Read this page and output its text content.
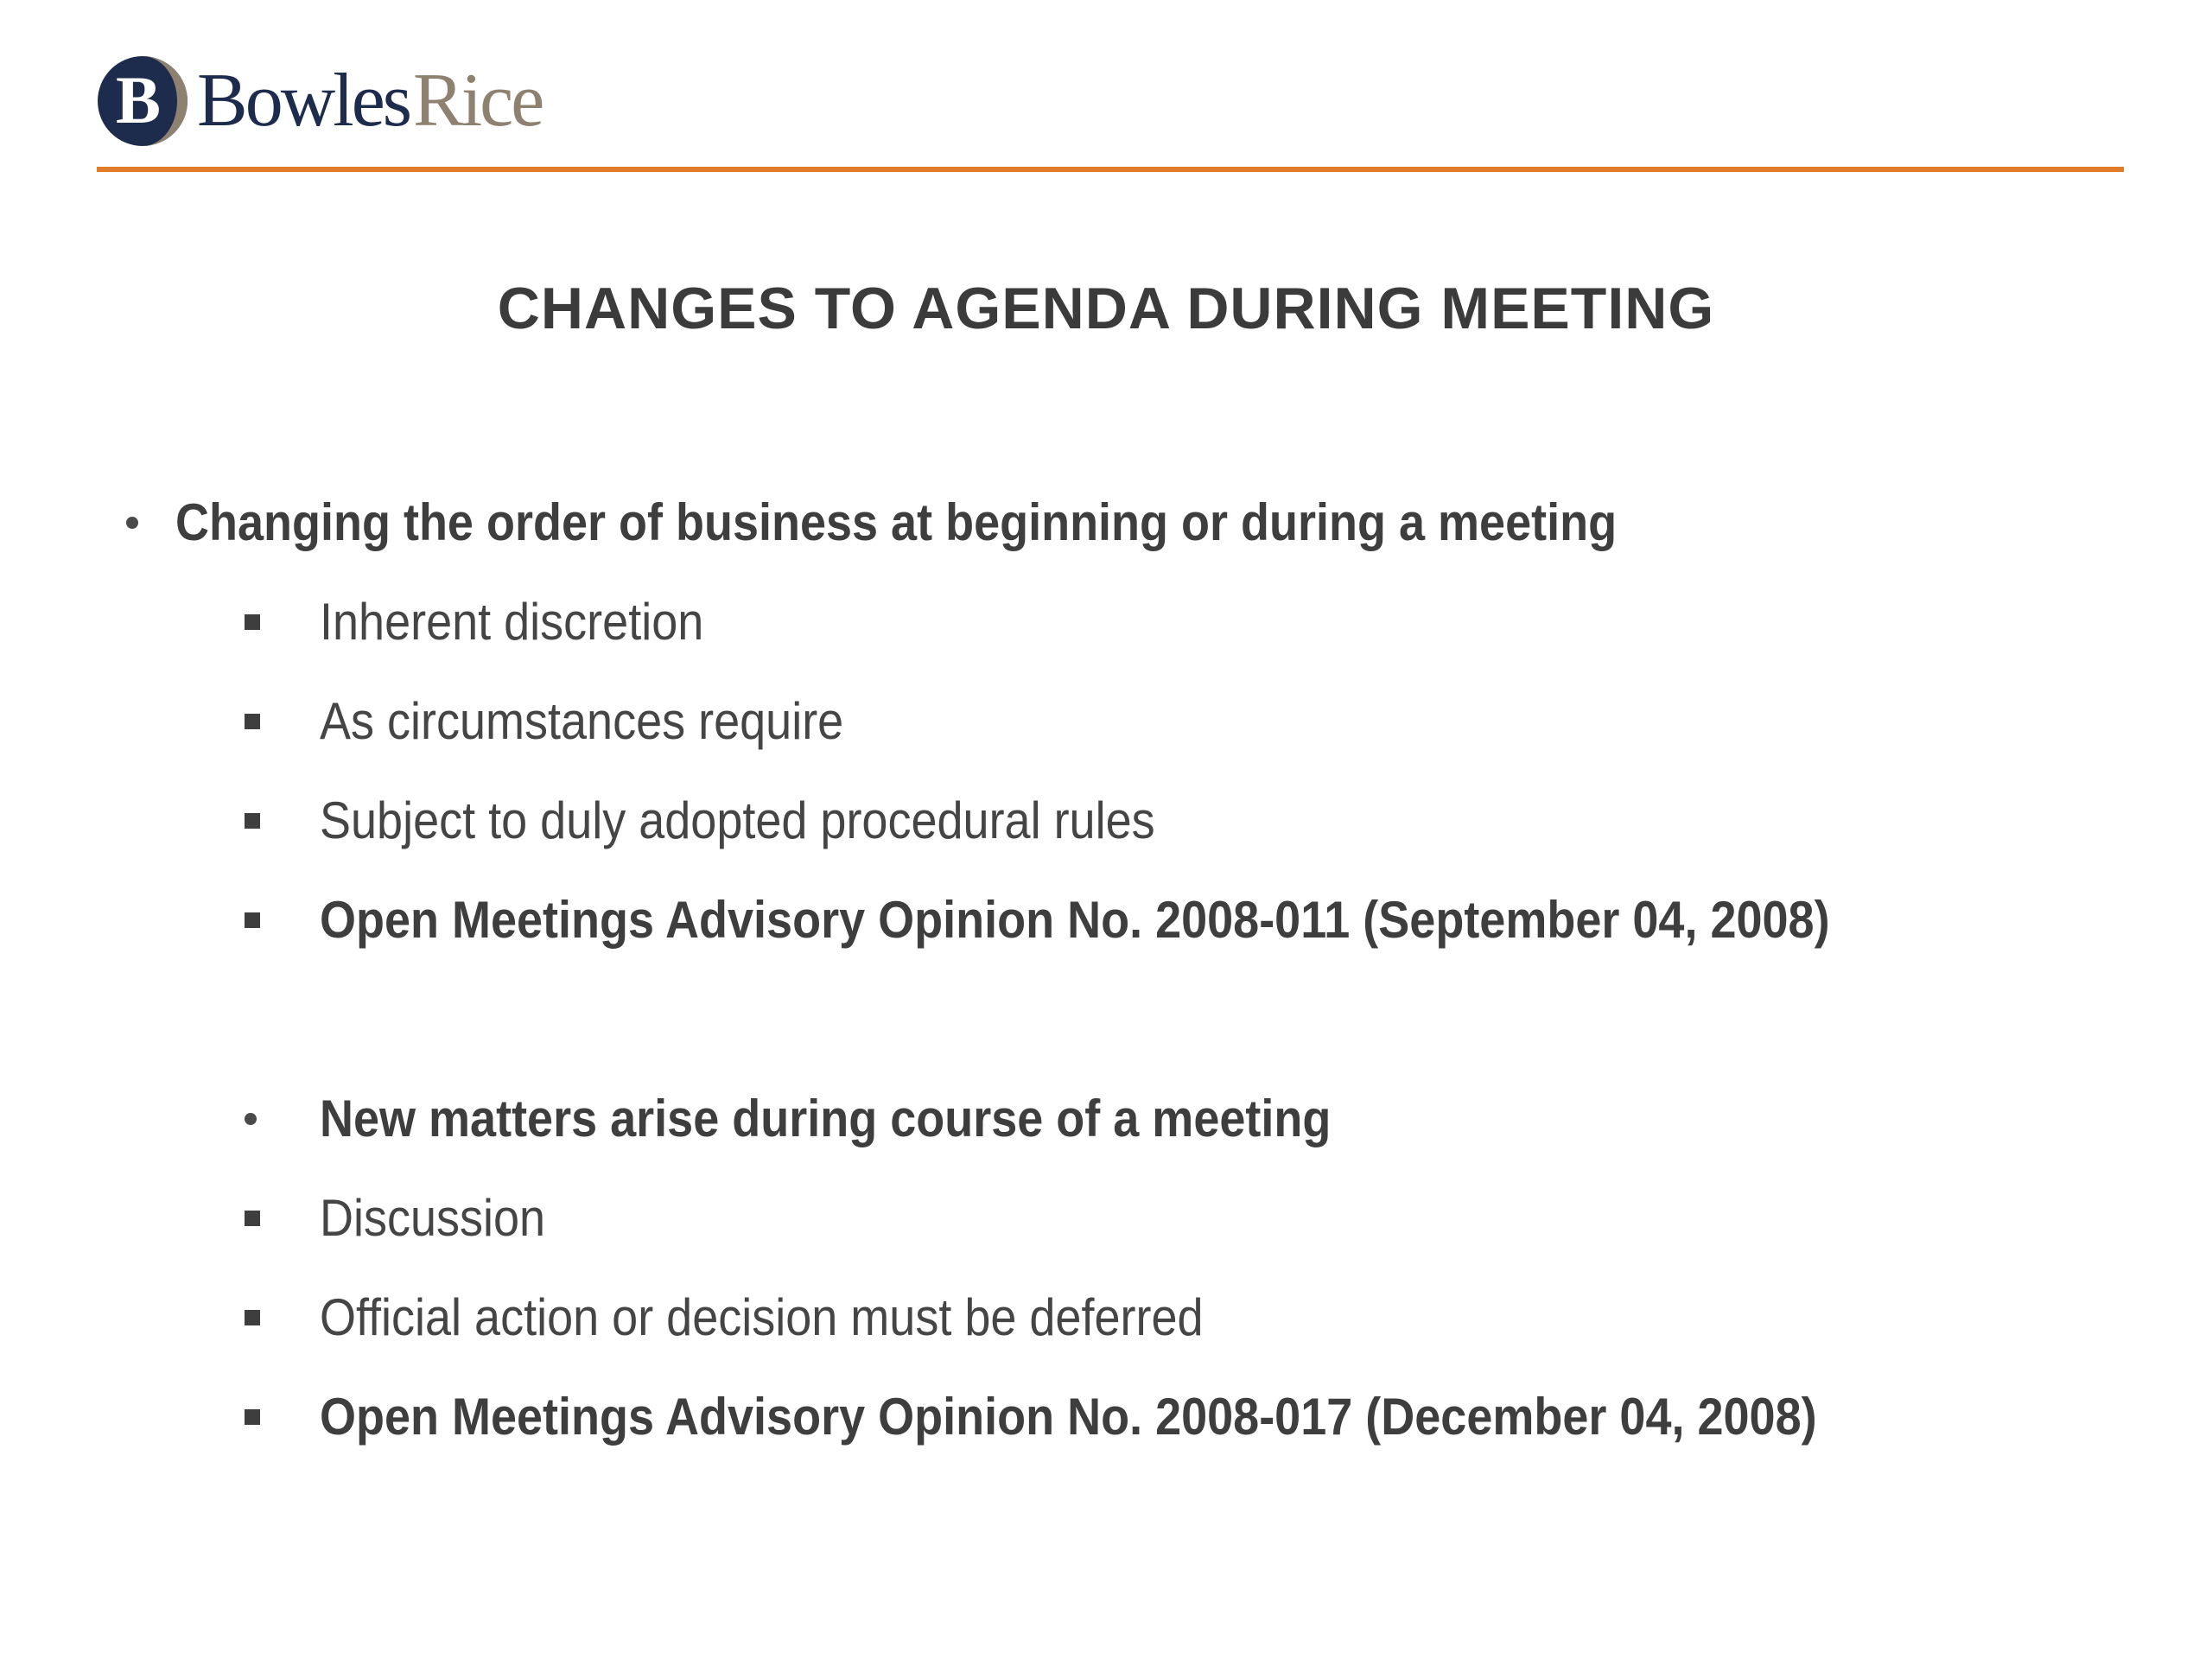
B BowlesRice
CHANGES TO AGENDA DURING MEETING
Changing the order of business at beginning or during a meeting
Inherent discretion
As circumstances require
Subject to duly adopted procedural rules
Open Meetings Advisory Opinion No. 2008-011 (September 04, 2008)
New matters arise during course of a meeting
Discussion
Official action or decision must be deferred
Open Meetings Advisory Opinion No. 2008-017 (December 04, 2008)
